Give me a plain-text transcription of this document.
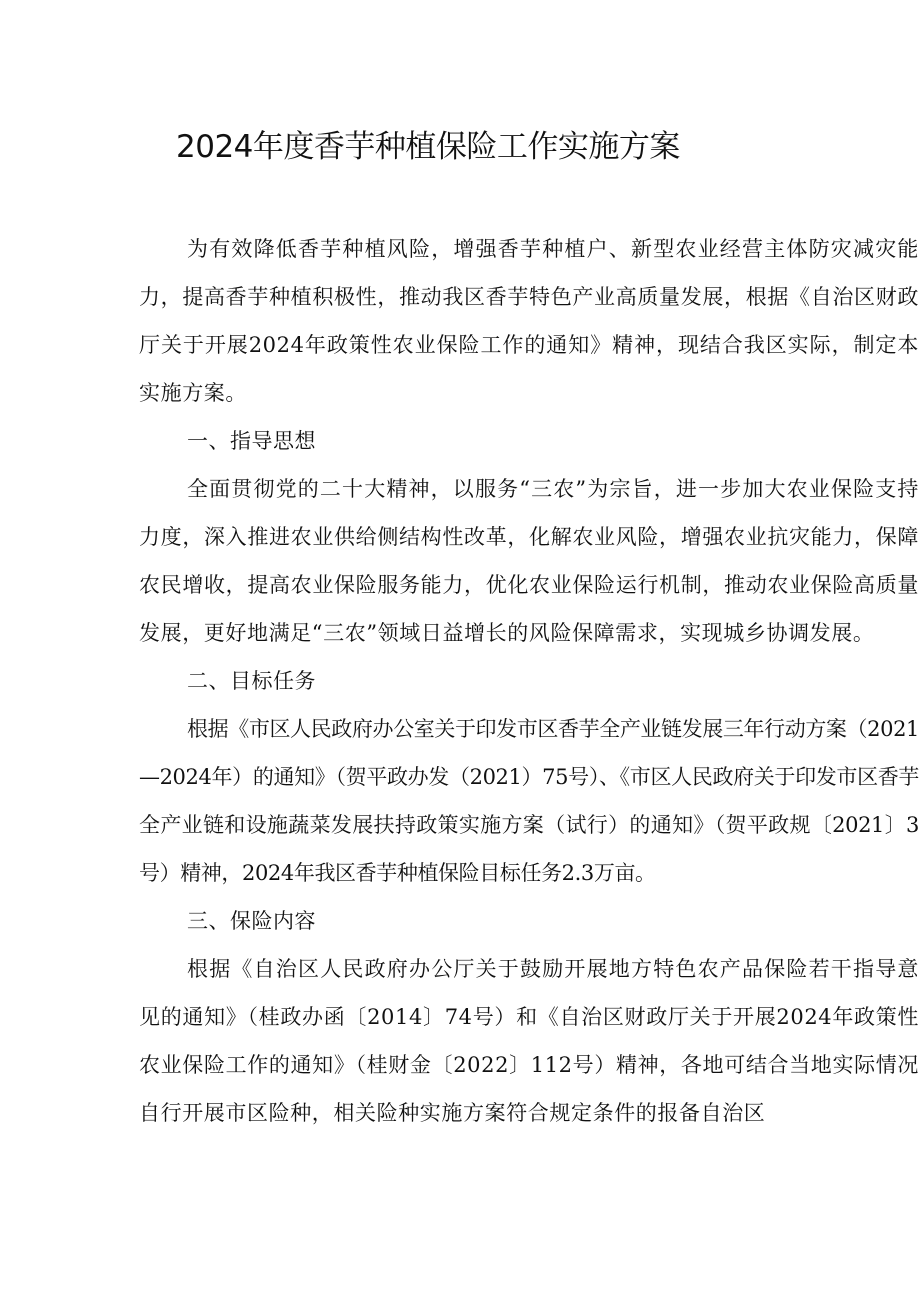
2024年度香芋种植保险工作实施方案

为有效降低香芋种植风险，增强香芋种植户、新型农业经营主体防灾减灾能力，提高香芋种植积极性，推动我区香芋特色产业高质量发展，根据《自治区财政厅关于开展2024年政策性农业保险工作的通知》精神，现结合我区实际，制定本实施方案。

一、指导思想

全面贯彻党的二十大精神，以服务“三农”为宗旨，进一步加大农业保险支持力度，深入推进农业供给侧结构性改革，化解农业风险，增强农业抗灾能力，保障农民增收，提高农业保险服务能力，优化农业保险运行机制，推动农业保险高质量发展，更好地满足“三农”领域日益增长的风险保障需求，实现城乡协调发展。

二、目标任务

根据《市区人民政府办公室关于印发市区香芋全产业链发展三年行动方案（2021—2024年）的通知》（贺平政办发（2021）75号）、《市区人民政府关于印发市区香芋全产业链和设施蔬菜发展扶持政策实施方案（试行）的通知》（贺平政规〔2021〕3号）精神，2024年我区香芋种植保险目标任务2.3万亩。

三、保险内容

根据《自治区人民政府办公厅关于鼓励开展地方特色农产品保险若干指导意见的通知》（桂政办函〔2014〕74号）和《自治区财政厅关于开展2024年政策性农业保险工作的通知》（桂财金〔2022〕112号）精神，各地可结合当地实际情况自行开展市区险种，相关险种实施方案符合规定条件的报备自治区
